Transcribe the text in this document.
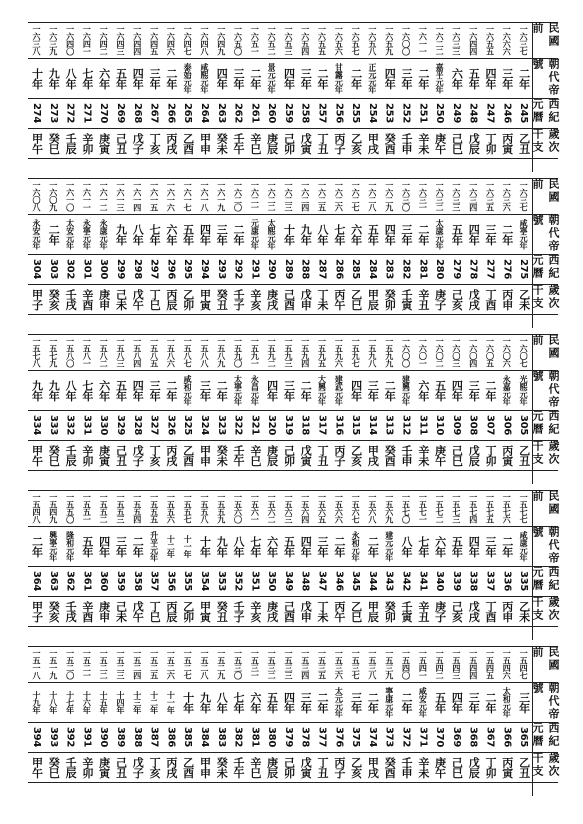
民國前
朝代帝號
西紀元曆
歲次干支
一六三七
二年
245
乙丑
一六六六
三年
246
丙寅
一六五五
四年
247
丁卯
一六四四
五年
248
戊辰
一六三三
六年
249
己巳
一六二二
嘉平元年
250
庚午
一六一一
二年
251
辛未
一六〇〇
三年
252
壬申
一六五九
四年
253
癸酉
一六五八
正元元年
254
甲戌
一六五七
二年
255
乙亥
一六五六
甘露元年
256
丙子
一六五五
二年
257
丁丑
一六五四
三年
258
戊寅
一六五三
四年
259
己卯
一六五二
景元元年
260
庚辰
一六五一
二年
261
辛巳
一六五〇
三年
262
壬午
一六四九
四年
263
癸未
一六四八
咸熙元年
264
甲申
一六四七
泰始元年
265
乙酉
一六四六
二年
266
丙戌
一六四五
三年
267
丁亥
一六四四
四年
268
戊子
一六四三
五年
269
己丑
一六四二
六年
270
庚寅
一六四一
七年
271
辛卯
一六四〇
八年
272
壬辰
一六三九
九年
273
癸巳
一六三八
十年
274
甲午
民國前
朝代帝號
西紀元曆
歲次干支
一六三七
咸寧元年
275
乙未
一六三六
二年
276
丙申
一六三五
三年
277
丁酉
一六三四
四年
278
戊戌
一六三三
五年
279
己亥
一六三二
太康元年
280
庚子
一六三一
二年
281
辛丑
一六三〇
三年
282
壬寅
一六二九
四年
283
癸卯
一六二八
五年
284
甲辰
一六二七
六年
285
乙巳
一六二六
七年
286
丙午
一六二五
八年
287
丁未
一六二四
九年
288
戊申
一六二三
十年
289
己酉
一六二二
太熙元年
290
庚戌
一六二一
元康元年
291
辛亥
一六二〇
二年
292
壬子
一六一九
三年
293
癸丑
一六一八
四年
294
甲寅
一六一七
五年
295
乙卯
一六一六
六年
296
丙辰
一六一五
七年
297
丁巳
一六一四
八年
298
戊午
一六一三
九年
299
己未
一六一二
永康元年
300
庚申
一六一一
永寧元年
301
辛酉
一六一〇
太安元年
302
壬戌
一六〇九
二年
303
癸亥
一六〇八
永安元年
304
甲子
民國前
朝代帝號
西紀元曆
歲次干支
一六〇七
光熙元年
305
乙丑
一六〇六
永嘉元年
306
丙寅
一六〇五
二年
307
丁卯
一六〇四
三年
308
戊辰
一六〇三
四年
309
己巳
一六〇二
五年
310
庚午
一六〇一
六年
311
辛未
一六〇〇
建興元年
312
壬申
一五九九
二年
313
癸酉
一五九八
三年
314
甲戌
一五九七
四年
315
乙亥
一五九六
建武元年
316
丙子
一五九五
大興元年
317
丁丑
一五九四
二年
318
戊寅
一五九三
三年
319
己卯
一五九二
四年
320
庚辰
一五九一
永昌元年
321
辛巳
一五九〇
太寧元年
322
壬午
一五八九
二年
323
癸未
一五八八
三年
324
甲申
一五八七
咸和元年
325
乙酉
一五八六
二年
326
丙戌
一五八五
三年
327
丁亥
一五八四
四年
328
戊子
一五八三
五年
329
己丑
一五八二
六年
330
庚寅
一五八一
七年
331
辛卯
一五八〇
八年
332
壬辰
一五七九
九年
333
癸巳
一五七八
九年
334
甲午
民國前
朝代帝號
西紀元曆
歲次干支
一五七七
咸康元年
335
乙未
一五七六
二年
336
丙申
一五七五
三年
337
丁酉
一五七四
四年
338
戊戌
一五七三
五年
339
己亥
一五七二
六年
340
庚子
一五七一
七年
341
辛丑
一五七〇
八年
342
壬寅
一五六九
建元元年
343
癸卯
一五六八
二年
344
甲辰
一五六七
永和元年
345
乙巳
一五六六
二年
346
丙午
一五六五
三年
347
丁未
一五六四
四年
348
戊申
一五六三
五年
349
己酉
一五六二
六年
350
庚戌
一五六一
七年
351
辛亥
一五六〇
八年
352
壬子
一五五九
九年
353
癸丑
一五五八
十年
354
甲寅
一五五七
十一年
355
乙卯
一五五六
十二年
356
丙辰
一五五五
升平元年
357
丁巳
一五五四
二年
358
戊午
一五五三
三年
359
己未
一五五二
四年
360
庚申
一五五一
五年
361
辛酉
一五五〇
隆和元年
362
壬戌
一五四九
興寧元年
363
癸亥
一五四八
二年
364
甲子
民國前
朝代帝號
西紀元曆
歲次干支
一五四七
三年
365
乙丑
一五四六
太和元年
366
丙寅
一五四五
二年
367
丁卯
一五四四
三年
368
戊辰
一五四三
四年
369
己巳
一五四二
五年
370
庚午
一五四一
咸安元年
371
辛未
一五四〇
二年
372
壬申
一五三九
寧康元年
373
癸酉
一五三八
二年
374
甲戌
一五三七
三年
375
乙亥
一五三六
太元元年
376
丙子
一五三五
二年
377
丁丑
一五三四
三年
378
戊寅
一五三三
四年
379
己卯
一五三二
五年
380
庚辰
一五三一
六年
381
辛巳
一五三〇
七年
382
壬午
一五二九
八年
383
癸未
一五二八
九年
384
甲申
一五二七
十年
385
乙酉
一五二六
十一年
386
丙戌
一五二五
十二年
387
丁亥
一五二四
十三年
388
戊子
一五二三
十四年
389
己丑
一五二二
十五年
390
庚寅
一五二一
十六年
391
辛卯
一五二〇
十七年
392
壬辰
一五一九
十八年
393
癸巳
一五一八
十九年
394
甲午
